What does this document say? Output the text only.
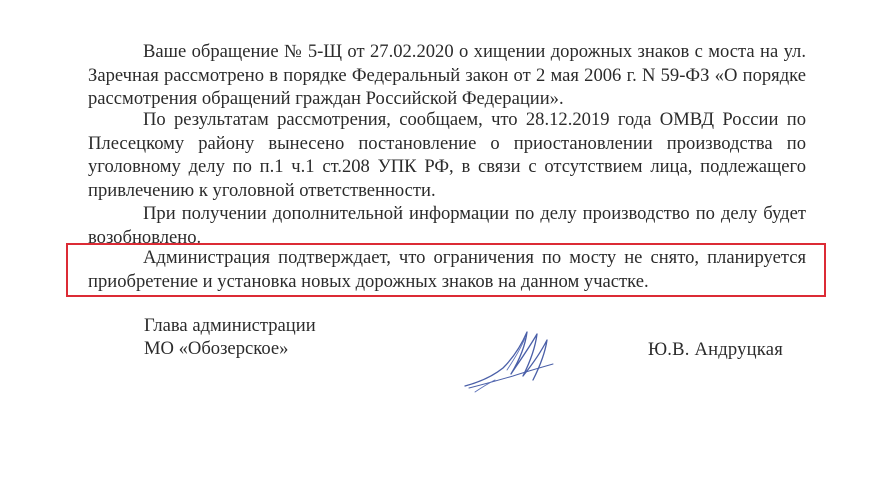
Ваше обращение № 5-Щ от 27.02.2020 о хищении дорожных знаков с моста на ул. Заречная рассмотрено в порядке Федеральный закон от 2 мая 2006 г. N 59-ФЗ «О порядке рассмотрения обращений граждан Российской Федерации».

По результатам рассмотрения, сообщаем, что 28.12.2019 года ОМВД России по Плесецкому району вынесено постановление о приостановлении производства по уголовному делу по п.1 ч.1 ст.208 УПК РФ, в связи с отсутствием лица, подлежащего привлечению к уголовной ответственности.

При получении дополнительной информации по делу производство по делу будет возобновлено.

Администрация подтверждает, что ограничения по мосту не снято, планируется приобретение и установка новых дорожных знаков на данном участке.

Глава администрации
МО «Обозерское»	Ю.В. Андруцкая
